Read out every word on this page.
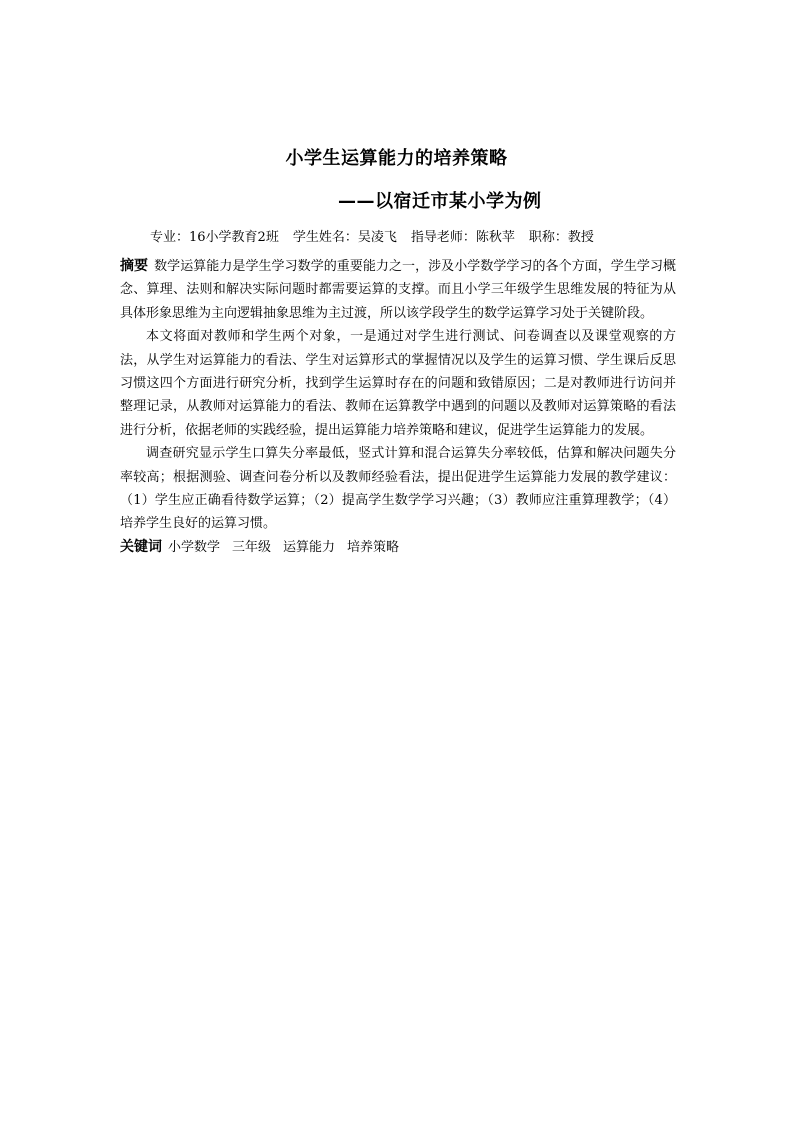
小学生运算能力的培养策略
——以宿迁市某小学为例
专业：16小学教育2班 学生姓名：吴凌飞 指导老师：陈秋苹 职称：教授

摘要 数学运算能力是学生学习数学的重要能力之一，涉及小学数学学习的各个方面，学生学习概念、算理、法则和解决实际问题时都需要运算的支撑。而且小学三年级学生思维发展的特征为从具体形象思维为主向逻辑抽象思维为主过渡，所以该学段学生的数学运算学习处于关键阶段。

本文将面对教师和学生两个对象，一是通过对学生进行测试、问卷调查以及课堂观察的方法，从学生对运算能力的看法、学生对运算形式的掌握情况以及学生的运算习惯、学生课后反思习惯这四个方面进行研究分析，找到学生运算时存在的问题和致错原因；二是对教师进行访问并整理记录，从教师对运算能力的看法、教师在运算教学中遇到的问题以及教师对运算策略的看法进行分析，依据老师的实践经验，提出运算能力培养策略和建议，促进学生运算能力的发展。

调查研究显示学生口算失分率最低，竖式计算和混合运算失分率较低，估算和解决问题失分率较高；根据测验、调查问卷分析以及教师经验看法，提出促进学生运算能力发展的教学建议：（1）学生应正确看待数学运算；（2）提高学生数学学习兴趣；（3）教师应注重算理教学；（4）培养学生良好的运算习惯。

关键词 小学数学 三年级 运算能力 培养策略
